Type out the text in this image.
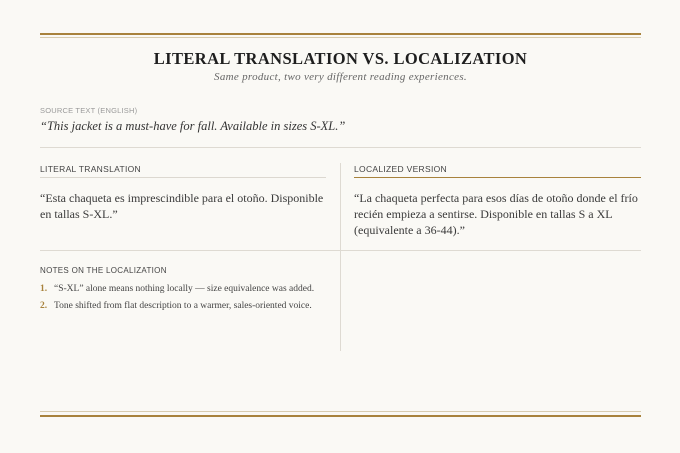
LITERAL TRANSLATION VS. LOCALIZATION
Same product, two very different reading experiences.
SOURCE TEXT (ENGLISH)
“This jacket is a must-have for fall. Available in sizes S-XL.”
LITERAL TRANSLATION
“Esta chaqueta es imprescindible para el otoño. Disponible en tallas S-XL.”
LOCALIZED VERSION
“La chaqueta perfecta para esos días de otoño donde el frío recién empieza a sentirse. Disponible en tallas S a XL (equivalente a 36-44).”
NOTES ON THE LOCALIZATION
1. “S-XL” alone means nothing locally — size equivalence was added.
2. Tone shifted from flat description to a warmer, sales-oriented voice.
